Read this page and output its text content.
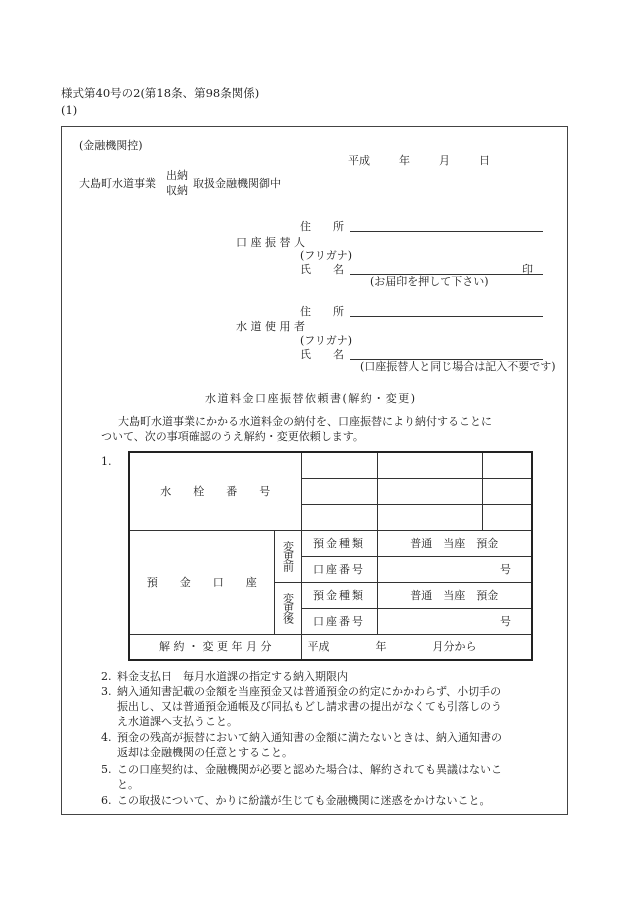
様式第40号の2(第18条、第98条関係)
(1)
(金融機関控)
平成	年	月	日
大島町水道事業
出納
収納
取扱金融機関御中
住　　所
口 座 振 替 人
(フリガナ)
氏　　名	印
(お届印を押して下さい)
住　　所
水 道 使 用 者
(フリガナ)
氏　　名
(口座振替人と同じ場合は記入不要です)
水道料金口座振替依頼書(解約・変更)
大島町水道事業にかかる水道料金の納付を、口座振替により納付することに
ついて、次の事項確認のうえ解約・変更依頼します。
1.
水　　栓　　番　　号				

預　　金　　口　　座	変更前	預金種類	普通　当座　預金	
		口座番号	号	

	変更後	預金種類	普通　当座　預金	
		口座番号	号	
解 約 ・ 変 更 年 月 分		平成 年 月分から		
2. 料金支払日　毎月水道課の指定する納入期限内
3. 納入通知書記載の金額を当座預金又は普通預金の約定にかかわらず、小切手の
振出し、又は普通預金通帳及び同払もどし請求書の提出がなくても引落しのう
え水道課へ支払うこと。
4. 預金の残高が振替において納入通知書の金額に満たないときは、納入通知書の
返却は金融機関の任意とすること。
5. この口座契約は、金融機関が必要と認めた場合は、解約されても異議はないこ
と。
6. この取扱について、かりに紛議が生じても金融機関に迷惑をかけないこと。
